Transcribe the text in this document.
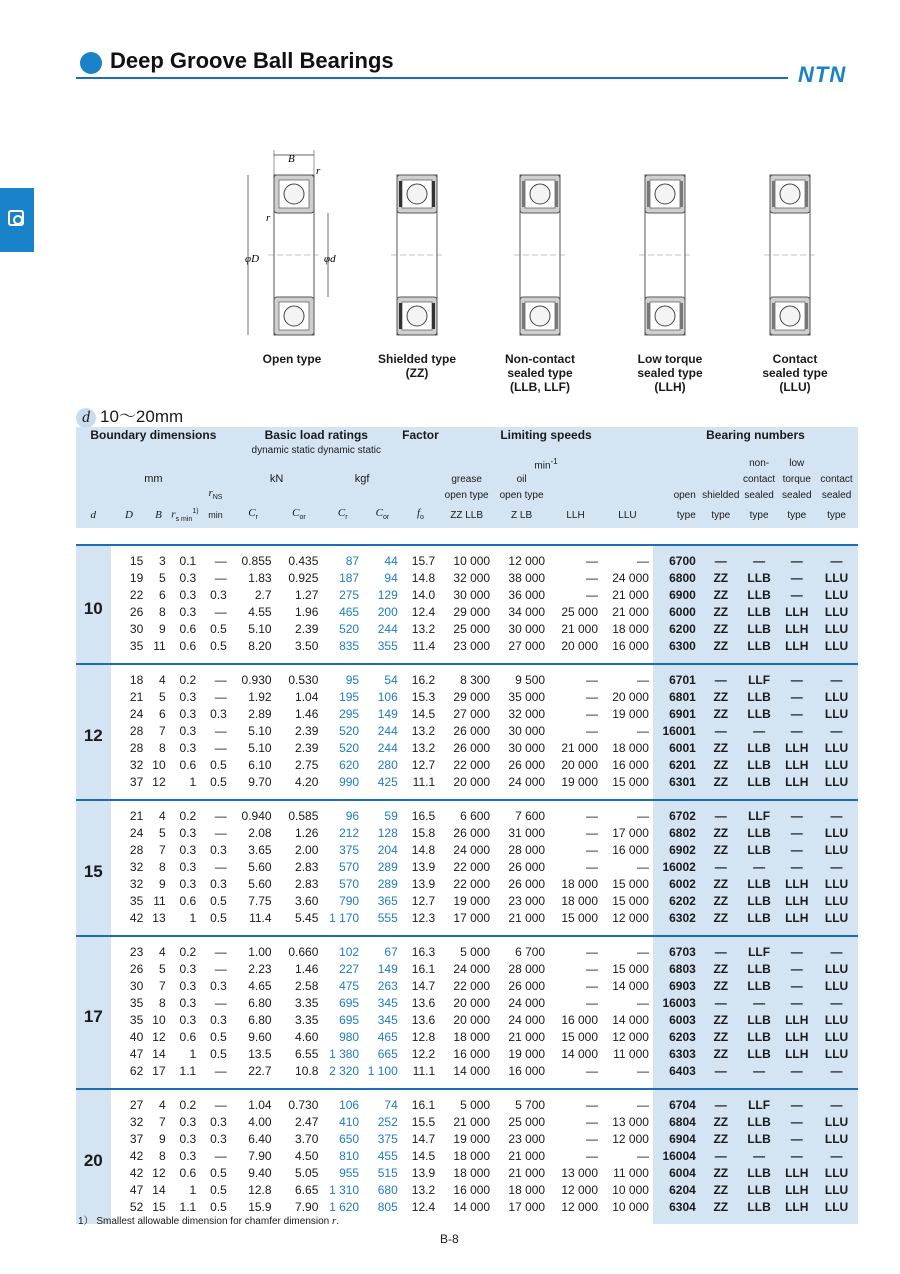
Deep Groove Ball Bearings
NTN
B
r
r
φD	φd
Open type	Shielded type
(ZZ)
Non-contact
sealed type
(LLB, LLF)
Low torque
sealed type
(LLH)
Contact
sealed type
(LLU)
d 10～20mm
Boundary dimensions					Basic load ratings				Factor	Limiting speeds				Bearing numbers				
					dynamic static dynamic static													
										$\min^{-1}$						non-	low	
mm					kN		kgf			grease	oil					contact	torque	contact
				$r_{NS}$						open type	open type			open	shielded	sealed	sealed	sealed
d	D	B	$r_{s min}^{1)}$	min	$C_r$	$C_{or}$	$C_r$	$C_{or}$	$f_o$	ZZ LLB	Z LB	LLH	LLU	type	type	type	type	type

10	15	3	0.1	—	0.855	0.435	87	44	15.7	10 000	12 000	—	—	6700	—	—	—	—
	19	5	0.3	—	1.83	0.925	187	94	14.8	32 000	38 000	—	24 000	6800	ZZ	LLB	—	LLU
	22	6	0.3	0.3	2.7	1.27	275	129	14.0	30 000	36 000	—	21 000	6900	ZZ	LLB	—	LLU
	26	8	0.3	—	4.55	1.96	465	200	12.4	29 000	34 000	25 000	21 000	6000	ZZ	LLB	LLH	LLU
	30	9	0.6	0.5	5.10	2.39	520	244	13.2	25 000	30 000	21 000	18 000	6200	ZZ	LLB	LLH	LLU
	35	11	0.6	0.5	8.20	3.50	835	355	11.4	23 000	27 000	20 000	16 000	6300	ZZ	LLB	LLH	LLU
12	18	4	0.2	—	0.930	0.530	95	54	16.2	8 300	9 500	—	—	6701	—	LLF	—	—
	21	5	0.3	—	1.92	1.04	195	106	15.3	29 000	35 000	—	20 000	6801	ZZ	LLB	—	LLU
	24	6	0.3	0.3	2.89	1.46	295	149	14.5	27 000	32 000	—	19 000	6901	ZZ	LLB	—	LLU
	28	7	0.3	—	5.10	2.39	520	244	13.2	26 000	30 000	—	—	16001	—	—	—	—
	28	8	0.3	—	5.10	2.39	520	244	13.2	26 000	30 000	21 000	18 000	6001	ZZ	LLB	LLH	LLU
	32	10	0.6	0.5	6.10	2.75	620	280	12.7	22 000	26 000	20 000	16 000	6201	ZZ	LLB	LLH	LLU
	37	12	1	0.5	9.70	4.20	990	425	11.1	20 000	24 000	19 000	15 000	6301	ZZ	LLB	LLH	LLU
15	21	4	0.2	—	0.940	0.585	96	59	16.5	6 600	7 600	—	—	6702	—	LLF	—	—
	24	5	0.3	—	2.08	1.26	212	128	15.8	26 000	31 000	—	17 000	6802	ZZ	LLB	—	LLU
	28	7	0.3	0.3	3.65	2.00	375	204	14.8	24 000	28 000	—	16 000	6902	ZZ	LLB	—	LLU
	32	8	0.3	—	5.60	2.83	570	289	13.9	22 000	26 000	—	—	16002	—	—	—	—
	32	9	0.3	0.3	5.60	2.83	570	289	13.9	22 000	26 000	18 000	15 000	6002	ZZ	LLB	LLH	LLU
	35	11	0.6	0.5	7.75	3.60	790	365	12.7	19 000	23 000	18 000	15 000	6202	ZZ	LLB	LLH	LLU
	42	13	1	0.5	11.4	5.45	1 170	555	12.3	17 000	21 000	15 000	12 000	6302	ZZ	LLB	LLH	LLU
17	23	4	0.2	—	1.00	0.660	102	67	16.3	5 000	6 700	—	—	6703	—	LLF	—	—
	26	5	0.3	—	2.23	1.46	227	149	16.1	24 000	28 000	—	15 000	6803	ZZ	LLB	—	LLU
	30	7	0.3	0.3	4.65	2.58	475	263	14.7	22 000	26 000	—	14 000	6903	ZZ	LLB	—	LLU
	35	8	0.3	—	6.80	3.35	695	345	13.6	20 000	24 000	—	—	16003	—	—	—	—
	35	10	0.3	0.3	6.80	3.35	695	345	13.6	20 000	24 000	16 000	14 000	6003	ZZ	LLB	LLH	LLU
	40	12	0.6	0.5	9.60	4.60	980	465	12.8	18 000	21 000	15 000	12 000	6203	ZZ	LLB	LLH	LLU
	47	14	1	0.5	13.5	6.55	1 380	665	12.2	16 000	19 000	14 000	11 000	6303	ZZ	LLB	LLH	LLU
	62	17	1.1	—	22.7	10.8	2 320	1 100	11.1	14 000	16 000	—	—	6403	—	—	—	—
20	27	4	0.2	—	1.04	0.730	106	74	16.1	5 000	5 700	—	—	6704	—	LLF	—	—
	32	7	0.3	0.3	4.00	2.47	410	252	15.5	21 000	25 000	—	13 000	6804	ZZ	LLB	—	LLU
	37	9	0.3	0.3	6.40	3.70	650	375	14.7	19 000	23 000	—	12 000	6904	ZZ	LLB	—	LLU
	42	8	0.3	—	7.90	4.50	810	455	14.5	18 000	21 000	—	—	16004	—	—	—	—
	42	12	0.6	0.5	9.40	5.05	955	515	13.9	18 000	21 000	13 000	11 000	6004	ZZ	LLB	LLH	LLU
	47	14	1	0.5	12.8	6.65	1 310	680	13.2	16 000	18 000	12 000	10 000	6204	ZZ	LLB	LLH	LLU
	52	15	1.1	0.5	15.9	7.90	1 620	805	12.4	14 000	17 000	12 000	10 000	6304	ZZ	LLB	LLH	LLU
1） Smallest allowable dimension for chamfer dimension r.
B-8
